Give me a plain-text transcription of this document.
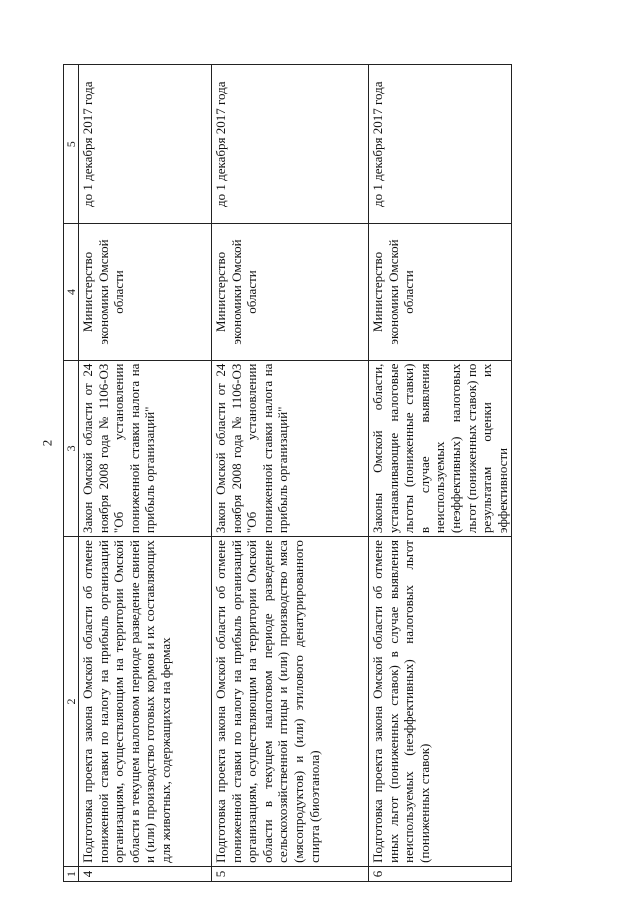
2
1	2	3	4	5
4	Подготовка проекта закона Омской области об отмене пониженной ставки по налогу на прибыль организаций организациям, осуществляющим на территории Омской области в текущем налоговом периоде разведение свиней и (или) производство готовых кормов и их составляющих для животных, содержащихся на фермах	Закон Омской области от 24 ноября 2008 года № 1106-ОЗ "Об установлении пониженной ставки налога на прибыль организаций"	Министерство экономики Омской области	до 1 декабря 2017 года
5	Подготовка проекта закона Омской области об отмене пониженной ставки по налогу на прибыль организаций организациям, осуществляющим на территории Омской области в текущем налоговом периоде разведение сельскохозяйственной птицы и (или) производство мяса (мясопродуктов) и (или) этилового денатурированного спирта (биоэтанола)	Закон Омской области от 24 ноября 2008 года № 1106-ОЗ "Об установлении пониженной ставки налога на прибыль организаций"	Министерство экономики Омской области	до 1 декабря 2017 года
6	Подготовка проекта закона Омской области об отмене иных льгот (пониженных ставок) в случае выявления неиспользуемых (неэффективных) налоговых льгот (пониженных ставок)	Законы Омской области, устанавливающие налоговые льготы (пониженные ставки) в случае выявления неиспользуемых (неэффективных) налоговых льгот (пониженных ставок) по результатам оценки их эффективности	Министерство экономики Омской области	до 1 декабря 2017 года
